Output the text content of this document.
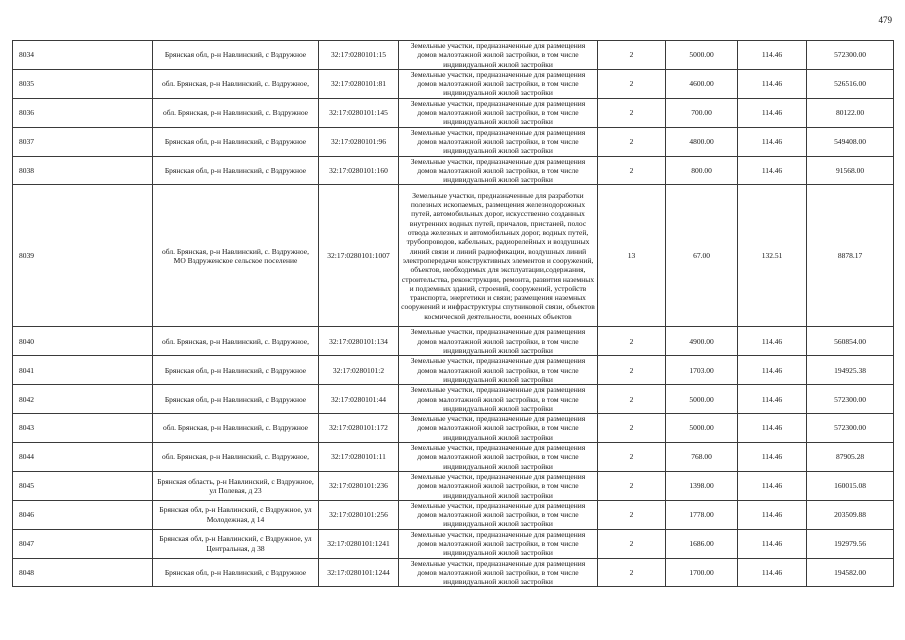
479
8034	Брянская обл, р-н Навлинский, с Вздружное	32:17:0280101:15	Земельные участки, предназначенные для размещения домов малоэтажной жилой застройки, в том числе индивидуальной жилой застройки	2	5000.00	114.46	572300.00
8035	обл. Брянская, р-н Навлинский, с. Вздружное,	32:17:0280101:81	Земельные участки, предназначенные для размещения домов малоэтажной жилой застройки, в том числе индивидуальной жилой застройки	2	4600.00	114.46	526516.00
8036	обл. Брянская, р-н Навлинский, с. Вздружное	32:17:0280101:145	Земельные участки, предназначенные для размещения домов малоэтажной жилой застройки, в том числе индивидуальной жилой застройки	2	700.00	114.46	80122.00
8037	Брянская обл, р-н Навлинский, с Вздружное	32:17:0280101:96	Земельные участки, предназначенные для размещения домов малоэтажной жилой застройки, в том числе индивидуальной жилой застройки	2	4800.00	114.46	549408.00
8038	Брянская обл, р-н Навлинский, с Вздружное	32:17:0280101:160	Земельные участки, предназначенные для размещения домов малоэтажной жилой застройки, в том числе индивидуальной жилой застройки	2	800.00	114.46	91568.00
8039	обл. Брянская, р-н Навлинский, с. Вздружное, МО Вздруженское сельское поселение	32:17:0280101:1007	Земельные участки, предназначенные для разработки полезных ископаемых, размещения железнодорожных путей, автомобильных дорог, искусственно созданных внутренних водных путей, причалов, пристаней, полос отвода железных и автомобильных дорог, водных путей, трубопроводов, кабельных, радиорелейных и воздушных линий связи и линий радиофикации, воздушных линий электропередачи конструктивных элементов и сооружений, объектов, необходимых для эксплуатации,содержания, строительства, реконструкции, ремонта, развития наземных и подземных зданий, строений, сооружений, устройств транспорта, энергетики и связи; размещения наземных сооружений и инфраструктуры спутниковой связи, объектов космической деятельности, военных объектов	13	67.00	132.51	8878.17
8040	обл. Брянская, р-н Навлинский, с. Вздружное,	32:17:0280101:134	Земельные участки, предназначенные для размещения домов малоэтажной жилой застройки, в том числе индивидуальной жилой застройки	2	4900.00	114.46	560854.00
8041	Брянская обл, р-н Навлинский, с Вздружное	32:17:0280101:2	Земельные участки, предназначенные для размещения домов малоэтажной жилой застройки, в том числе индивидуальной жилой застройки	2	1703.00	114.46	194925.38
8042	Брянская обл, р-н Навлинский, с Вздружное	32:17:0280101:44	Земельные участки, предназначенные для размещения домов малоэтажной жилой застройки, в том числе индивидуальной жилой застройки	2	5000.00	114.46	572300.00
8043	обл. Брянская, р-н Навлинский, с. Вздружное	32:17:0280101:172	Земельные участки, предназначенные для размещения домов малоэтажной жилой застройки, в том числе индивидуальной жилой застройки	2	5000.00	114.46	572300.00
8044	обл. Брянская, р-н Навлинский, с. Вздружное,	32:17:0280101:11	Земельные участки, предназначенные для размещения домов малоэтажной жилой застройки, в том числе индивидуальной жилой застройки	2	768.00	114.46	87905.28
8045	Брянская область, р-н Навлинский, с Вздружное, ул Полевая, д 23	32:17:0280101:236	Земельные участки, предназначенные для размещения домов малоэтажной жилой застройки, в том числе индивидуальной жилой застройки	2	1398.00	114.46	160015.08
8046	Брянская обл, р-н Навлинский, с Вздружное, ул Молодежная, д 14	32:17:0280101:256	Земельные участки, предназначенные для размещения домов малоэтажной жилой застройки, в том числе индивидуальной жилой застройки	2	1778.00	114.46	203509.88
8047	Брянская обл, р-н Навлинский, с Вздружное, ул Центральная, д 38	32:17:0280101:1241	Земельные участки, предназначенные для размещения домов малоэтажной жилой застройки, в том числе индивидуальной жилой застройки	2	1686.00	114.46	192979.56
8048	Брянская обл, р-н Навлинский, с Вздружное	32:17:0280101:1244	Земельные участки, предназначенные для размещения домов малоэтажной жилой застройки, в том числе индивидуальной жилой застройки	2	1700.00	114.46	194582.00
